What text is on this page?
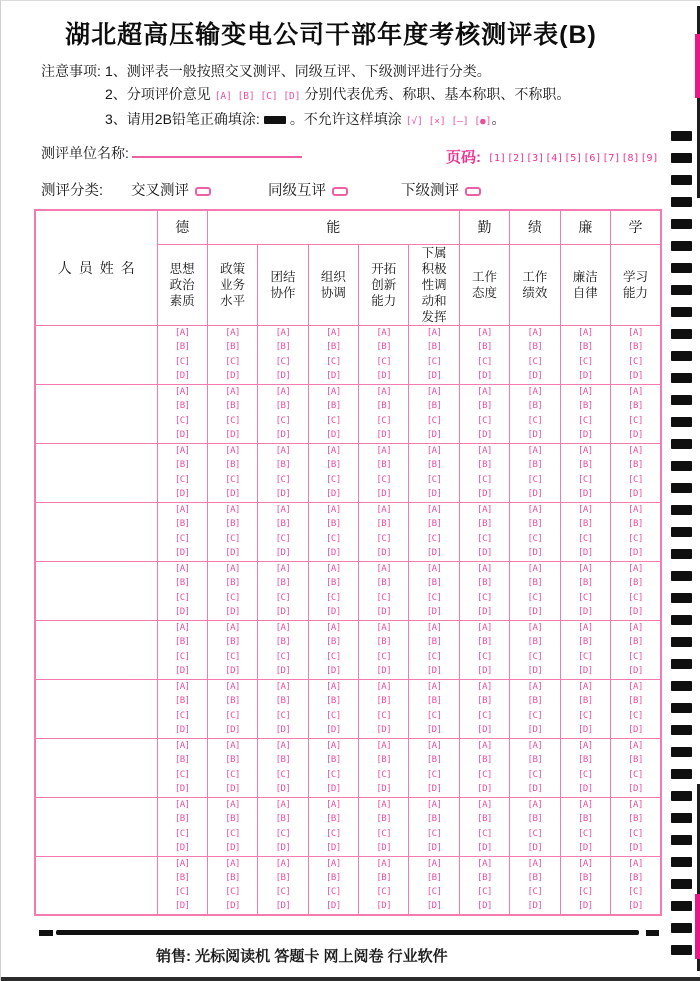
湖北超高压输变电公司干部年度考核测评表(B)
注意事项: 1、测评表一般按照交叉测评、同级互评、下级测评进行分类。
2、分项评价意见 [A] [B] [C] [D] 分别代表优秀、称职、基本称职、不称职。
3、请用2B铅笔正确填涂: 。不允许这样填涂 [√] [×] [—] [●]。
测评单位名称:	页码: [1][2][3][4][5][6][7][8][9]
测评分类: 交叉测评	同级互评	下级测评
人员姓名	德	能					勤	绩	廉	学
	思想政治素质	政策业务水平	团结协作	组织协调	开拓创新能力	下属积极性调动和发挥	工作态度	工作绩效	廉洁自律	学习能力

	[A]
[B]
[C]
[D]	[A]
[B]
[C]
[D]	[A]
[B]
[C]
[D]	[A]
[B]
[C]
[D]	[A]
[B]
[C]
[D]	[A]
[B]
[C]
[D]	[A]
[B]
[C]
[D]	[A]
[B]
[C]
[D]	[A]
[B]
[C]
[D]	[A]
[B]
[C]
[D]

	[A]
[B]
[C]
[D]	[A]
[B]
[C]
[D]	[A]
[B]
[C]
[D]	[A]
[B]
[C]
[D]	[A]
[B]
[C]
[D]	[A]
[B]
[C]
[D]	[A]
[B]
[C]
[D]	[A]
[B]
[C]
[D]	[A]
[B]
[C]
[D]	[A]
[B]
[C]
[D]

	[A]
[B]
[C]
[D]	[A]
[B]
[C]
[D]	[A]
[B]
[C]
[D]	[A]
[B]
[C]
[D]	[A]
[B]
[C]
[D]	[A]
[B]
[C]
[D]	[A]
[B]
[C]
[D]	[A]
[B]
[C]
[D]	[A]
[B]
[C]
[D]	[A]
[B]
[C]
[D]

	[A]
[B]
[C]
[D]	[A]
[B]
[C]
[D]	[A]
[B]
[C]
[D]	[A]
[B]
[C]
[D]	[A]
[B]
[C]
[D]	[A]
[B]
[C]
[D]	[A]
[B]
[C]
[D]	[A]
[B]
[C]
[D]	[A]
[B]
[C]
[D]	[A]
[B]
[C]
[D]

	[A]
[B]
[C]
[D]	[A]
[B]
[C]
[D]	[A]
[B]
[C]
[D]	[A]
[B]
[C]
[D]	[A]
[B]
[C]
[D]	[A]
[B]
[C]
[D]	[A]
[B]
[C]
[D]	[A]
[B]
[C]
[D]	[A]
[B]
[C]
[D]	[A]
[B]
[C]
[D]

	[A]
[B]
[C]
[D]	[A]
[B]
[C]
[D]	[A]
[B]
[C]
[D]	[A]
[B]
[C]
[D]	[A]
[B]
[C]
[D]	[A]
[B]
[C]
[D]	[A]
[B]
[C]
[D]	[A]
[B]
[C]
[D]	[A]
[B]
[C]
[D]	[A]
[B]
[C]
[D]

	[A]
[B]
[C]
[D]	[A]
[B]
[C]
[D]	[A]
[B]
[C]
[D]	[A]
[B]
[C]
[D]	[A]
[B]
[C]
[D]	[A]
[B]
[C]
[D]	[A]
[B]
[C]
[D]	[A]
[B]
[C]
[D]	[A]
[B]
[C]
[D]	[A]
[B]
[C]
[D]

	[A]
[B]
[C]
[D]	[A]
[B]
[C]
[D]	[A]
[B]
[C]
[D]	[A]
[B]
[C]
[D]	[A]
[B]
[C]
[D]	[A]
[B]
[C]
[D]	[A]
[B]
[C]
[D]	[A]
[B]
[C]
[D]	[A]
[B]
[C]
[D]	[A]
[B]
[C]
[D]

	[A]
[B]
[C]
[D]	[A]
[B]
[C]
[D]	[A]
[B]
[C]
[D]	[A]
[B]
[C]
[D]	[A]
[B]
[C]
[D]	[A]
[B]
[C]
[D]	[A]
[B]
[C]
[D]	[A]
[B]
[C]
[D]	[A]
[B]
[C]
[D]	[A]
[B]
[C]
[D]

	[A]
[B]
[C]
[D]	[A]
[B]
[C]
[D]	[A]
[B]
[C]
[D]	[A]
[B]
[C]
[D]	[A]
[B]
[C]
[D]	[A]
[B]
[C]
[D]	[A]
[B]
[C]
[D]	[A]
[B]
[C]
[D]	[A]
[B]
[C]
[D]	[A]
[B]
[C]
[D]
销售: 光标阅读机 答题卡 网上阅卷 行业软件
